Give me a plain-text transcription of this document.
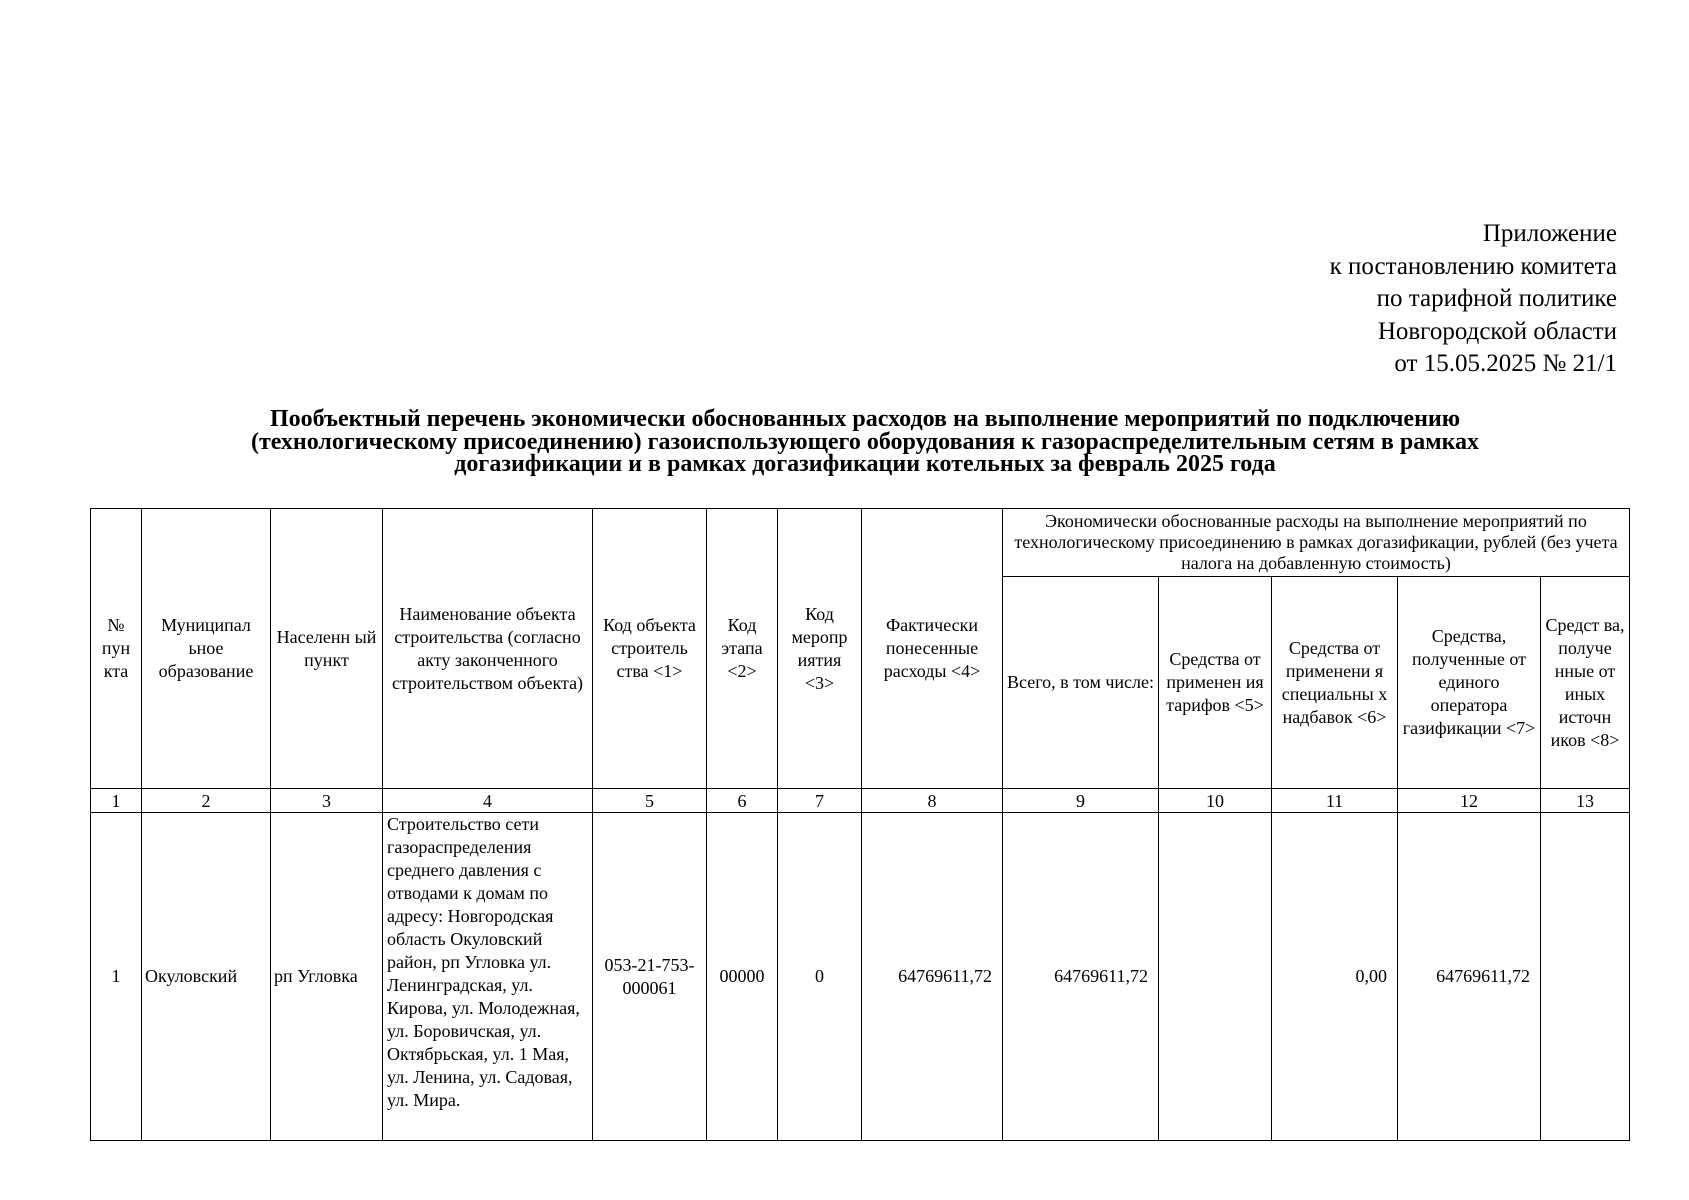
Приложение
к постановлению комитета
по тарифной политике
Новгородской области
от 15.05.2025 № 21/1
Пообъектный перечень экономически обоснованных расходов на выполнение мероприятий по подключению
(технологическому присоединению) газоиспользующего оборудования к газораспределительным сетям в рамках
догазификации и в рамках догазификации котельных за февраль 2025 года
№ пун кта	Муниципал ьное образование	Населенн ый пункт	Наименование объекта строительства (согласно акту законченного строительством объекта)	Код объекта строитель ства <1>	Код этапа <2>	Код меропр иятия <3>	Фактически понесенные расходы <4>	Экономически обоснованные расходы на выполнение мероприятий по технологическому присоединению в рамках догазификации, рублей (без учета налога на добавленную стоимость)				
								Всего, в том числе:	Средства от применен ия тарифов <5>	Средства от применени я специальны х надбавок <6>	Средства, полученные от единого оператора газификации <7>	Средст ва, получе нные от иных источн иков <8>
1	2	3	4	5	6	7	8	9	10	11	12	13
1	Окуловский	рп Угловка	Строительство сети газораспределения среднего давления с отводами к домам по адресу: Новгородская область Окуловский район, рп Угловка ул. Ленинградская, ул. Кирова, ул. Молодежная, ул. Боровичская, ул. Октябрьская, ул. 1 Мая, ул. Ленина, ул. Садовая, ул. Мира.	053-21-753-000061	00000	0	64769611,72	64769611,72		0,00	64769611,72	
